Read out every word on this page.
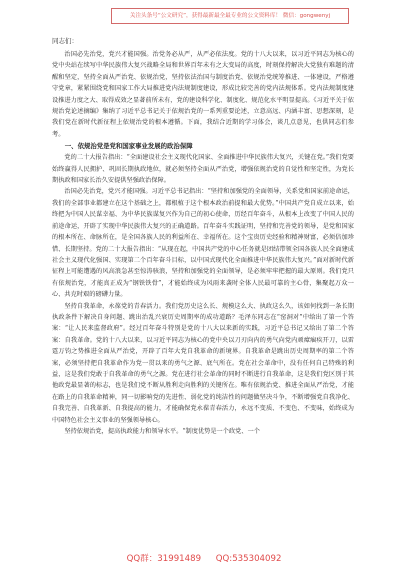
关注头条号“公文研究”，获得最新最全最专业的公文资料库！ 微信：gongwenyj

同志们：

治国必先治党，党兴才能国强。治党务必从严，从严必依法度。党的十八大以来，以习近平同志为核心的党中央站在续写中华民族伟大复兴战略全局和世界百年未有之大变局的高度，时刻保持解决大党独有难题的清醒和坚定，坚持全面从严治党、依规治党，坚持依法治国与制度治党、依规治党统筹推进、一体建设，严格遵守党章，紧紧围绕党和国家工作大局推进党内法规制度建设，形成比较完善的党内法规体系。党内法规制度建设推进力度之大、取得成效之显著前所未有，党的建设科学化、制度化、规范化水平明显提高。《习近平关于依规治党论述摘编》集纳了习近平总书记关于依规治党的一系列重要论述，立意高远、内涵丰富、思想深刻，是我们党在新时代新征程上依规治党的根本遵循。下面，我结合近期的学习体会，谈几点意见，也供同志们参考。

一、依规治党是党和国家事业发展的政治保障

党的二十大报告指出：“全面建设社会主义现代化国家、全面推进中华民族伟大复兴，关键在党。”我们党要始终赢得人民拥护、巩固长期执政地位，就必须坚持全面从严治党，增强依规治党的自觉性和坚定性，为党长期执政和国家长治久安提供坚强政治保障。

治国必先治党，党兴才能国强。习近平总书记指出：“坚持和加强党的全面领导，关系党和国家前途命运，我们的全部事业都建立在这个基础之上，都根植于这个根本政治前提和最大优势。”中国共产党自成立以来，始终把为中国人民谋幸福、为中华民族谋复兴作为自己的初心使命，历经百年奋斗，从根本上改变了中国人民的前途命运，开辟了实现中华民族伟大复兴的正确道路。百年奋斗实践证明，坚持和完善党的领导，是党和国家的根本所在、命脉所在，是全国各族人民的利益所在、幸福所在。这个宝贵历史经验和精神财富，必须倍加珍惜、长期坚持。党的二十大报告指出：“从现在起，中国共产党的中心任务就是团结带领全国各族人民全面建成社会主义现代化强国、实现第二个百年奋斗目标，以中国式现代化全面推进中华民族伟大复兴。”面对新时代新征程上可能遭遇的风高浪急甚至惊涛骇浪，坚持和加强党的全面领导，是必须牢牢把握的最大原则。我们党只有依规治党，才能真正成为“钢铁铁骨”，才能始终成为风雨来袭时全体人民最可靠的主心骨，集聚起万众一心、共克时艰的磅礴力量。

坚持自我革命，永葆党的青春活力。我们党历史这么长、规模这么大、执政这么久，该如何找到一条长期执政条件下解决自身问题、跳出治乱兴衰历史周期率的成功道路？毛泽东同志在“窑洞对”中给出了第一个答案：“让人民来监督政府”。经过百年奋斗特别是党的十八大以来新的实践，习近平总书记又给出了第二个答案：自我革命。党的十八大以来，以习近平同志为核心的党中央以刀刃向内的勇气向党内顽瘴痼疾开刀，以雷霆万钧之势推进全面从严治党，开辟了百年大党自我革命的新境界。自我革命是跳出历史周期率的第二个答案，必须坚持把自我革命作为党一贯以来的勇气之源、底气所在。党在社会革命中，没有任何自己特殊的利益，这是我们党敢于自我革命的勇气之源。党在进行社会革命的同时不断进行自我革命，这是我们党区别于其他政党最显著的标志，也是我们党不断从胜利走向胜利的关键所在。唯有依规治党、推进全面从严治党，才能在路上的自我革命精神，同一切影响党的先进性、弱化党的纯洁性的问题做坚决斗争，不断增强党自我净化、自我完善、自我革新、自我提高的能力，才能确保党永葆青春活力，永远不变质、不变色、不变味，始终成为中国特色社会主义事业的坚强领导核心。

坚持依规治党，提高执政能力和领导水平。“制度优势是一个政党、一个

QQ群：31991489 QQ:535304092
